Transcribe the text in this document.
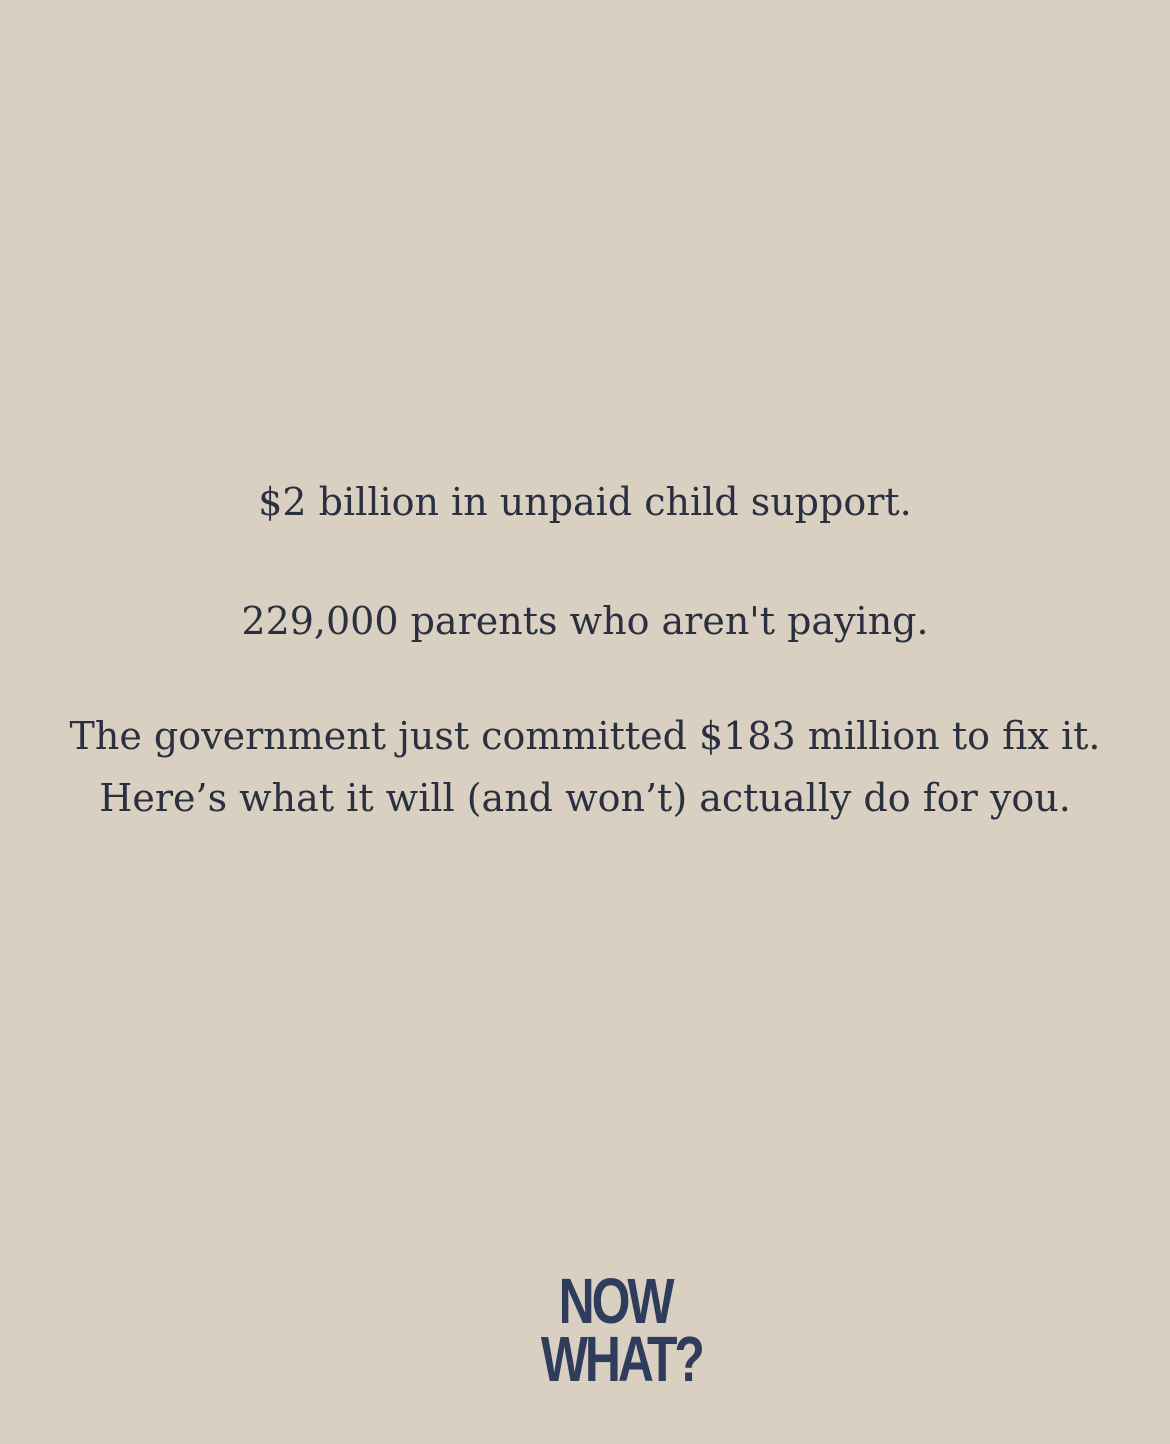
$2 billion in unpaid child support.
229,000 parents who aren't paying.
The government just committed $183 million to fix it.
Here’s what it will (and won’t) actually do for you.
NOW
WHAT?
